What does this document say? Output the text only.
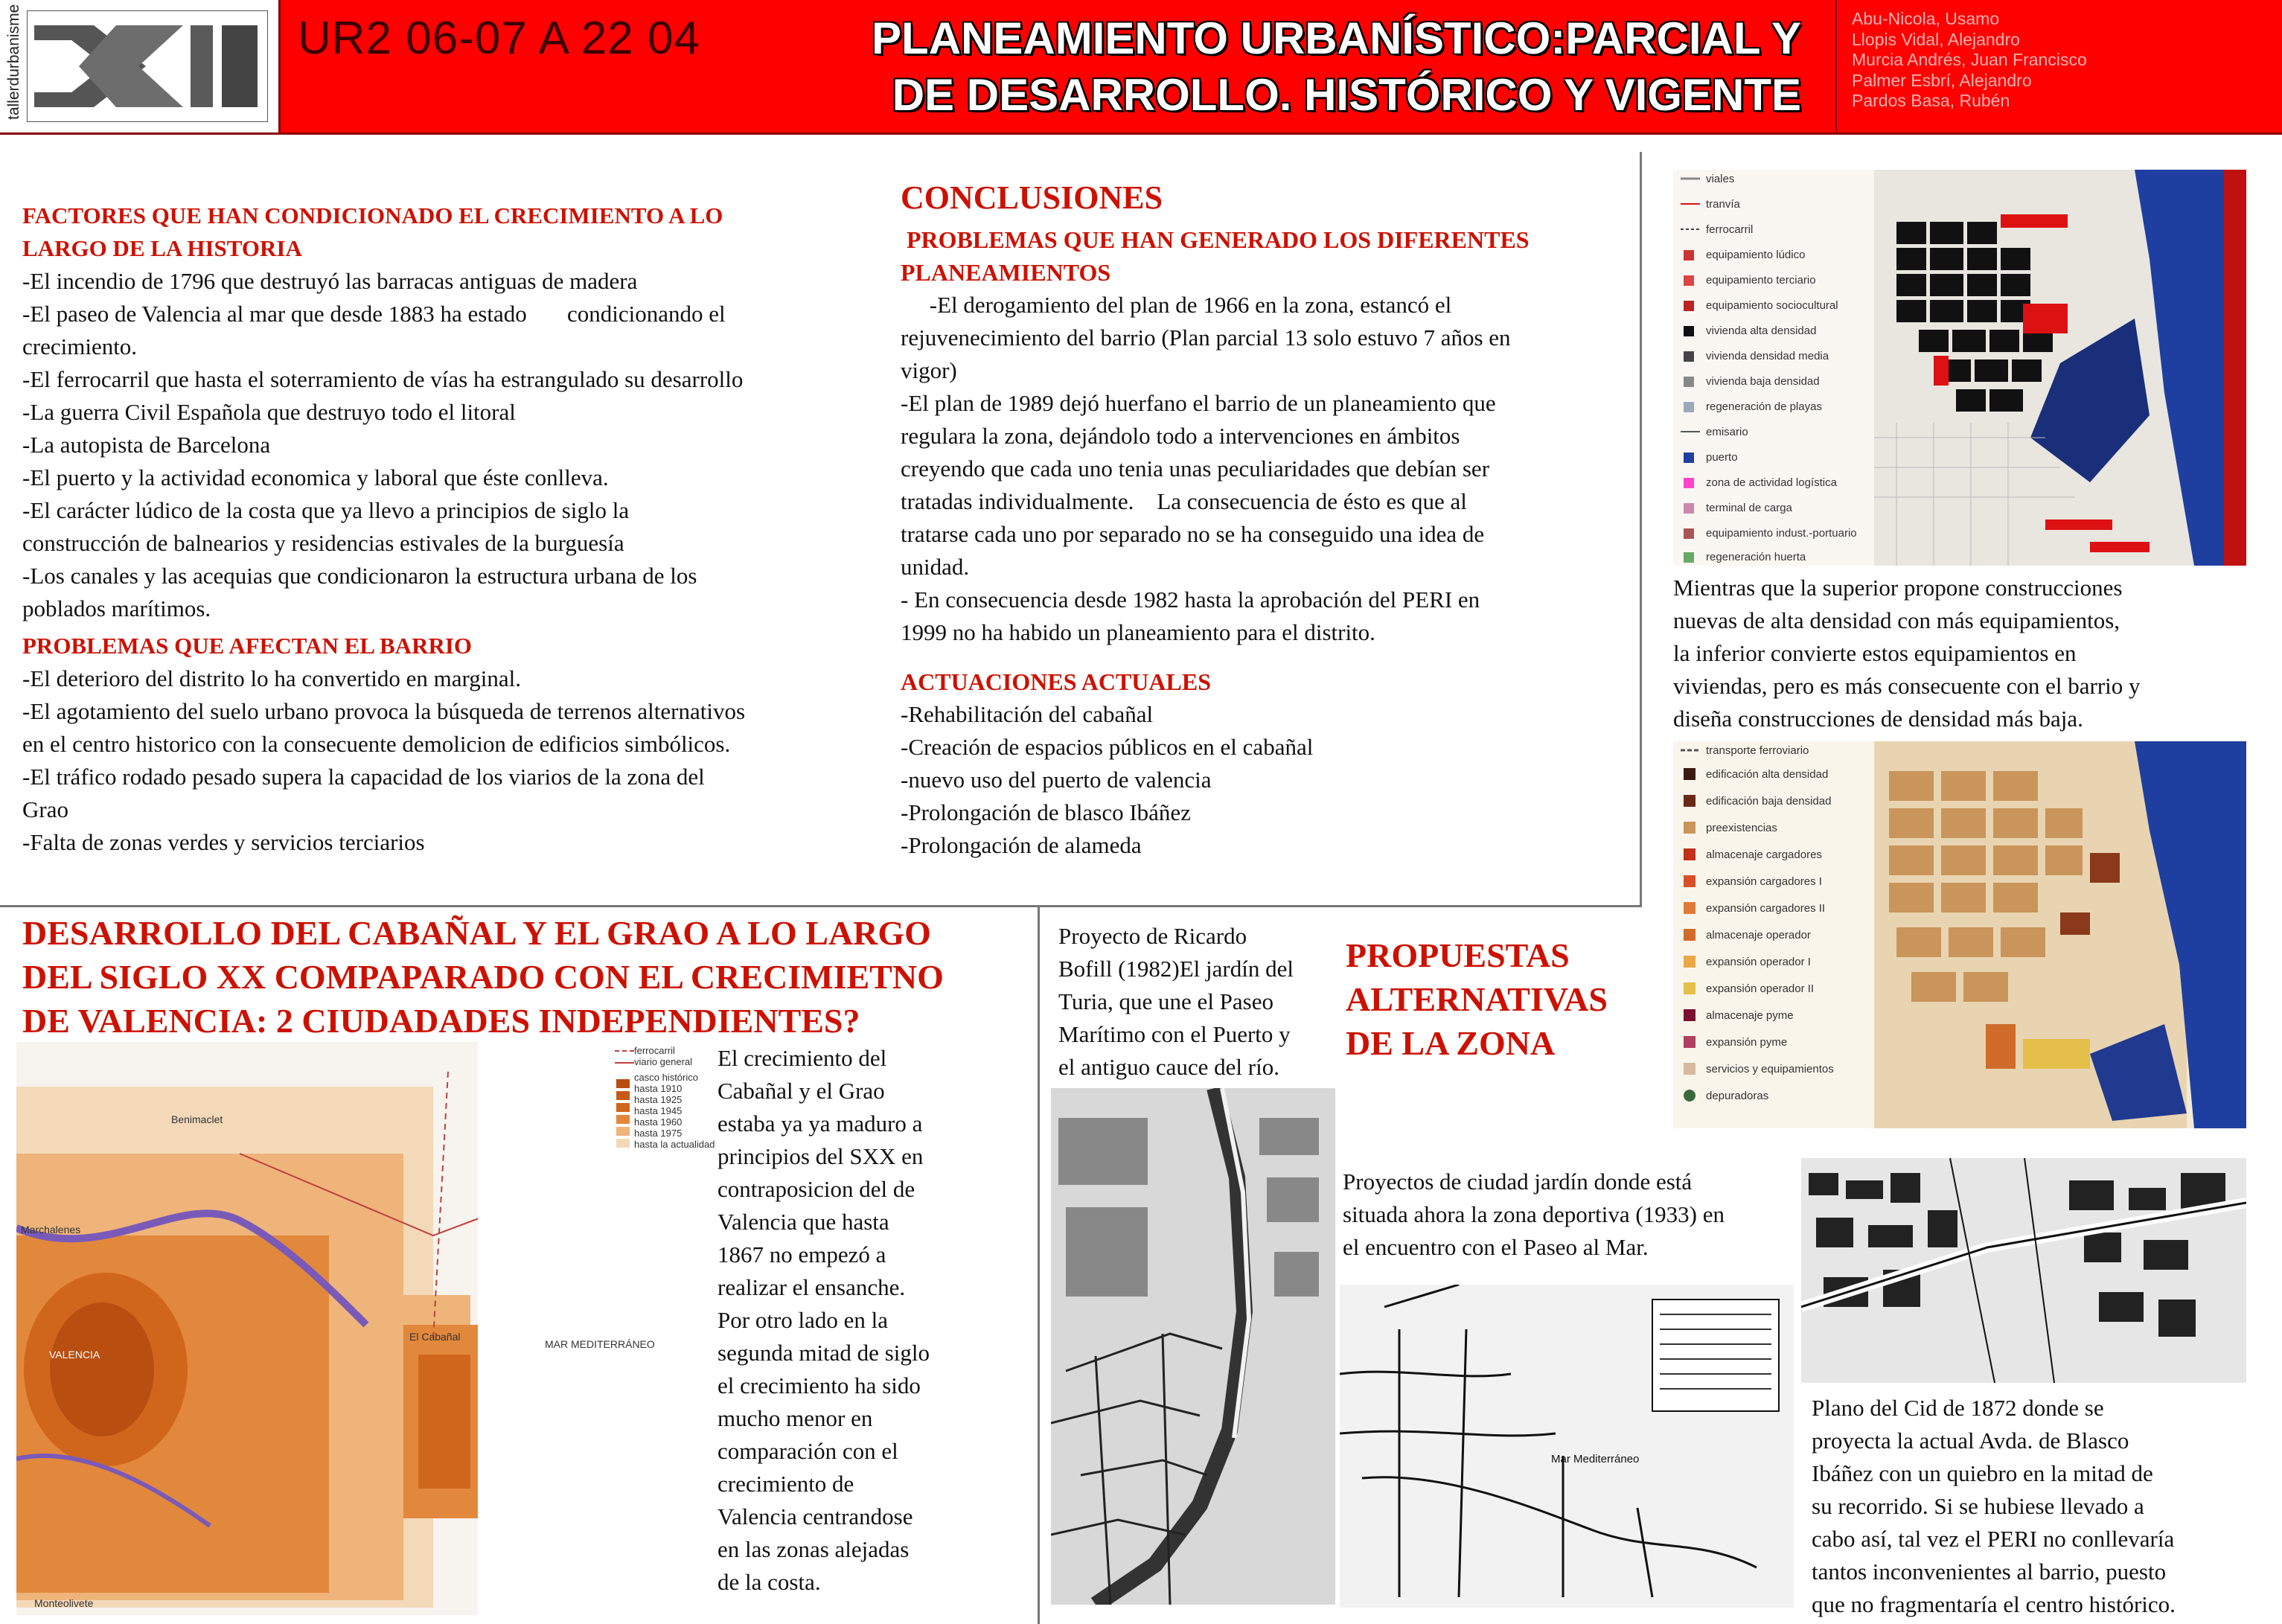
tallerdurbanisme	UR2 06-07 A 22 04	PLANEAMIENTO URBANÍSTICO:PARCIAL Y
DE DESARROLLO. HISTÓRICO Y VIGENTE
Abu-Nicola, Usamo
Llopis Vidal, Alejandro
Murcia Andrés, Juan Francisco
Palmer Esbrí, Alejandro
Pardos Basa, Rubén
FACTORES QUE HAN CONDICIONADO EL CRECIMIENTO A LO
LARGO DE LA HISTORIA
-El incendio de 1796 que destruyó las barracas antiguas de madera
-El paseo de Valencia al mar que desde 1883 ha estado       condicionando el
crecimiento.
-El ferrocarril que hasta el soterramiento de vías ha estrangulado su desarrollo
-La guerra Civil Española que destruyo todo el litoral
-La autopista de Barcelona
-El puerto y la actividad economica y laboral que éste conlleva.
-El carácter lúdico de la costa que ya llevo a principios de siglo la
construcción de balnearios y residencias estivales de la burguesía
-Los canales y las acequias que condicionaron la estructura urbana de los
poblados marítimos.
PROBLEMAS QUE AFECTAN EL BARRIO
-El deterioro del distrito lo ha convertido en marginal.
-El agotamiento del suelo urbano provoca la búsqueda de terrenos alternativos
en el centro historico con la consecuente demolicion de edificios simbólicos.
-El tráfico rodado pesado supera la capacidad de los viarios de la zona del
Grao
-Falta de zonas verdes y servicios terciarios
CONCLUSIONES
PROBLEMAS QUE HAN GENERADO LOS DIFERENTES
PLANEAMIENTOS
-El derogamiento del plan de 1966 en la zona, estancó el
rejuvenecimiento del barrio (Plan parcial 13 solo estuvo 7 años en
vigor)
-El plan de 1989 dejó huerfano el barrio de un planeamiento que
regulara la zona, dejándolo todo a intervenciones en ámbitos
creyendo que cada uno tenia unas peculiaridades que debían ser
tratadas individualmente.    La consecuencia de ésto es que al
tratarse cada uno por separado no se ha conseguido una idea de
unidad.
- En consecuencia desde 1982 hasta la aprobación del PERI en
1999 no ha habido un planeamiento para el distrito.
ACTUACIONES ACTUALES
-Rehabilitación del cabañal
-Creación de espacios públicos en el cabañal
-nuevo uso del puerto de valencia
-Prolongación de blasco Ibáñez
-Prolongación de alameda
viales
tranvía
ferrocarril
equipamiento lúdico
equipamiento terciario
equipamiento sociocultural
vivienda alta densidad
vivienda densidad media
vivienda baja densidad
regeneración de playas
emisario
puerto
zona de actividad logística
terminal de carga
equipamiento indust.-portuario
regeneración huerta
Mientras que la superior propone construcciones
nuevas de alta densidad con más equipamientos,
la inferior convierte estos equipamientos en
viviendas, pero es más consecuente con el barrio y
diseña construcciones de densidad más baja.
transporte ferroviario
edificación alta densidad
edificación baja densidad
preexistencias
almacenaje cargadores
expansión cargadores I
expansión cargadores II
almacenaje operador
expansión operador I
expansión operador II
almacenaje pyme
expansión pyme
servicios y equipamientos
depuradoras
DESARROLLO DEL CABAÑAL Y EL GRAO A LO LARGO
DEL SIGLO XX COMPAPARADO CON EL CRECIMIETNO
DE VALENCIA: 2 CIUDADADES INDEPENDIENTES?
ferrocarril
viario general
casco histórico
hasta 1910
hasta 1925
hasta 1945
hasta 1960
hasta 1975
hasta la actualidad
Benimaclet
Marchalenes
VALENCIA
El Cabañal
MAR MEDITERRÁNEO
Monteolivete
El crecimiento del
Cabañal y el Grao
estaba ya ya maduro a
principios del SXX en
contraposicion del de
Valencia que hasta
1867 no empezó a
realizar el ensanche.
Por otro lado en la
segunda mitad de siglo
el crecimiento ha sido
mucho menor en
comparación con el
crecimiento de
Valencia centrandose
en las zonas alejadas
de la costa.
Proyecto de Ricardo
Bofill (1982)El jardín del
Turia, que une el Paseo
Marítimo con el Puerto y
el antiguo cauce del río.
PROPUESTAS
ALTERNATIVAS
DE LA ZONA
Proyectos de ciudad jardín donde está
situada ahora la zona deportiva (1933) en
el encuentro con el Paseo al Mar.
Mar Mediterráneo
Plano del Cid de 1872 donde se
proyecta la actual Avda. de Blasco
Ibáñez con un quiebro en la mitad de
su recorrido. Si se hubiese llevado a
cabo así, tal vez el PERI no conllevaría
tantos inconvenientes al barrio, puesto
que no fragmentaría el centro histórico.
